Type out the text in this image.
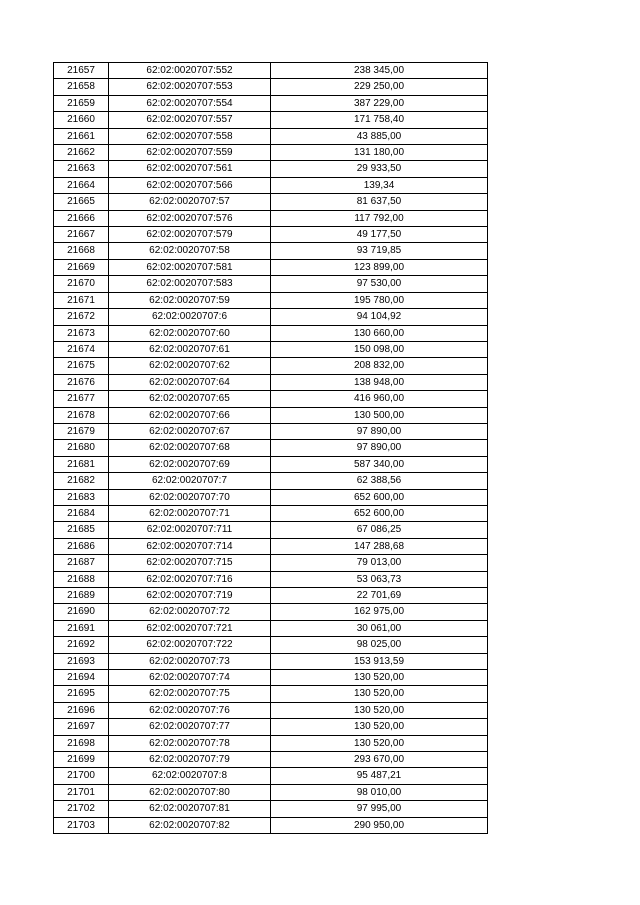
21657	62:02:0020707:552	238 345,00
21658	62:02:0020707:553	229 250,00
21659	62:02:0020707:554	387 229,00
21660	62:02:0020707:557	171 758,40
21661	62:02:0020707:558	43 885,00
21662	62:02:0020707:559	131 180,00
21663	62:02:0020707:561	29 933,50
21664	62:02:0020707:566	139,34
21665	62:02:0020707:57	81 637,50
21666	62:02:0020707:576	117 792,00
21667	62:02:0020707:579	49 177,50
21668	62:02:0020707:58	93 719,85
21669	62:02:0020707:581	123 899,00
21670	62:02:0020707:583	97 530,00
21671	62:02:0020707:59	195 780,00
21672	62:02:0020707:6	94 104,92
21673	62:02:0020707:60	130 660,00
21674	62:02:0020707:61	150 098,00
21675	62:02:0020707:62	208 832,00
21676	62:02:0020707:64	138 948,00
21677	62:02:0020707:65	416 960,00
21678	62:02:0020707:66	130 500,00
21679	62:02:0020707:67	97 890,00
21680	62:02:0020707:68	97 890,00
21681	62:02:0020707:69	587 340,00
21682	62:02:0020707:7	62 388,56
21683	62:02:0020707:70	652 600,00
21684	62:02:0020707:71	652 600,00
21685	62:02:0020707:711	67 086,25
21686	62:02:0020707:714	147 288,68
21687	62:02:0020707:715	79 013,00
21688	62:02:0020707:716	53 063,73
21689	62:02:0020707:719	22 701,69
21690	62:02:0020707:72	162 975,00
21691	62:02:0020707:721	30 061,00
21692	62:02:0020707:722	98 025,00
21693	62:02:0020707:73	153 913,59
21694	62:02:0020707:74	130 520,00
21695	62:02:0020707:75	130 520,00
21696	62:02:0020707:76	130 520,00
21697	62:02:0020707:77	130 520,00
21698	62:02:0020707:78	130 520,00
21699	62:02:0020707:79	293 670,00
21700	62:02:0020707:8	95 487,21
21701	62:02:0020707:80	98 010,00
21702	62:02:0020707:81	97 995,00
21703	62:02:0020707:82	290 950,00
